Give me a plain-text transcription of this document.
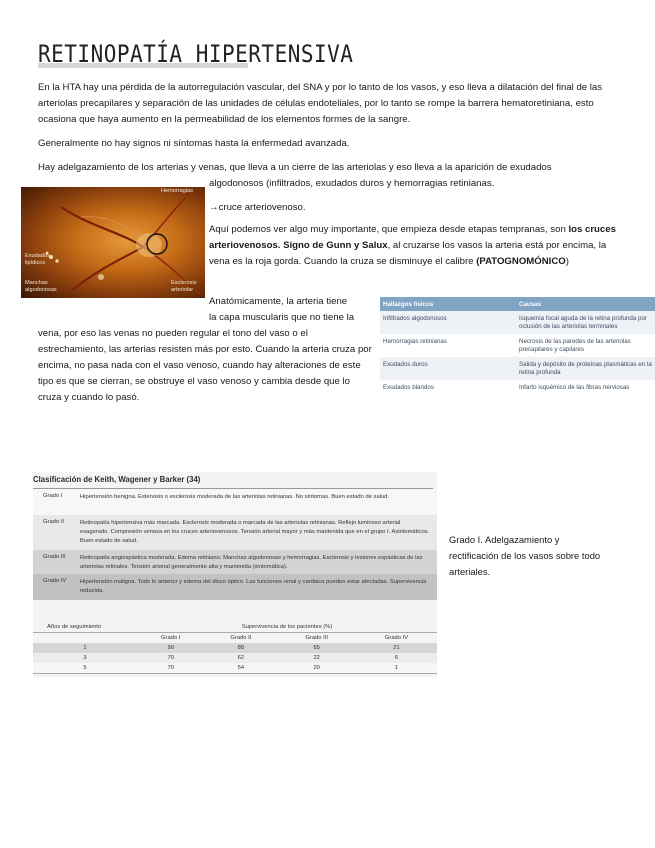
RETINOPATÍA HIPERTENSIVA
En la HTA hay una pérdida de la autorregulación vascular, del SNA y por lo tanto de los vasos, y eso lleva a dilatación del final de las arteriolas precapilares y separación de las unidades de células endoteliales, por lo tanto se rompe la barrera hematoretiniana, esto ocasiona que haya aumento en la permeabilidad de los elementos formes de la sangre.
Generalmente no hay signos ni síntomas hasta la enfermedad avanzada.
Hay adelgazamiento de los arterias y venas, que lleva a un cierre de las arteriolas y eso lleva a la aparición de exudados
algodonosos (infiltrados, exudados duros y hemorragias retinianas.
Hemorragias
Exudados lipídicos
Manchas algodonosas
Esclerosis arteriolar
→cruce arteriovenoso.
Aquí podemos ver algo muy importante, que empieza desde etapas tempranas, son los cruces arteriovenosos. Signo de Gunn y Salux, al cruzarse los vasos la arteria está por encima, la vena es la roja gorda. Cuando la cruza se disminuye el calibre (PATOGNOMÓNICO)
Anatómicamente, la arteria tiene
la capa muscularis que no tiene la
vena, por eso las venas no pueden regular el tono del vaso o el estrechamiento, las arterias resisten más por esto. Cuando la arteria cruza por encima, no pasa nada con el vaso venoso, cuando hay alteraciones de este tipo es que se cierran, se obstruye el vaso venoso y cambia desde que lo cruza y cuando lo pasó.
Hallazgos físicos	Causas
Infiltrados algodonosos	Isquemia focal aguda de la retina profunda por oclusión de las arteriolas terminales
Hemorragias retinianas	Necrosis de las paredes de las arteriolas precapilares y capilares
Exudados duros	Salida y depósito de proteínas plasmáticas en la retina profunda
Exudados blandos	Infarto isquémico de las fibras nerviosas
Clasificación de Keith, Wagener y Barker (34)
Grado I	Hipertensión benigna. Estenosis o esclerosis moderada de las arteriolas retinianas. No síntomas. Buen estado de salud.
Grado II	Retinopatía hipertensiva más marcada. Esclerosis moderada o marcada de las arteriolas retinianas. Reflejo luminoso arterial exagerado. Compresión venosa en los cruces arteriovenosos. Tensión arterial mayor y más mantenida que en el grupo I. Asintomáticos. Buen estado de salud.
Grado III Retinopatía angiospástica moderada. Edema retiniano. Manchas algodonosas y hemorragias. Esclerosis y lesiones espásticas de las arteriolas retinales. Tensión arterial generalmente alta y mantenida (sintomática).
Grado IV Hipertensión maligna. Todo lo anterior y edema del disco óptico. Las funciones renal y cardiaca pueden estar afectadas. Supervivencia reducida.
Años de seguimiento	Supervivencia de los pacientes (%)			
	Grado I	Grado II	Grado III	Grado IV
1	90	88	65	21
3	70	62	22	6
5	70	54	20	1
Grado I. Adelgazamiento y rectificación de los vasos sobre todo arteriales.
